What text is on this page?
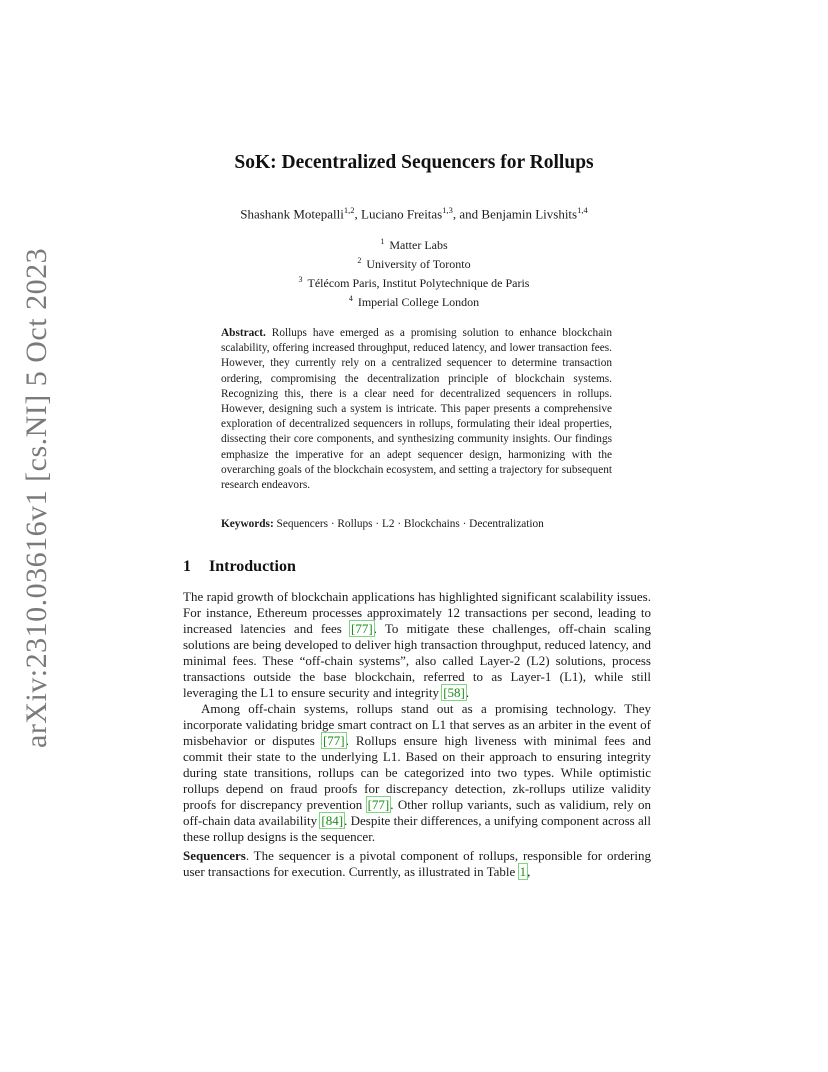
arXiv:2310.03616v1 [cs.NI] 5 Oct 2023
SoK: Decentralized Sequencers for Rollups
Shashank Motepalli$^{1,2}$, Luciano Freitas$^{1,3}$, and Benjamin Livshits$^{1,4}$
$^1$ Matter Labs
$^2$ University of Toronto
$^3$ Télécom Paris, Institut Polytechnique de Paris
$^4$ Imperial College London
Abstract. Rollups have emerged as a promising solution to enhance blockchain scalability, offering increased throughput, reduced latency, and lower transaction fees. However, they currently rely on a centralized sequencer to determine transaction ordering, compromising the decentralization principle of blockchain systems. Recognizing this, there is a clear need for decentralized sequencers in rollups. However, designing such a system is intricate. This paper presents a comprehensive exploration of decentralized sequencers in rollups, formulating their ideal properties, dissecting their core components, and synthesizing community insights. Our findings emphasize the imperative for an adept sequencer design, harmonizing with the overarching goals of the blockchain ecosystem, and setting a trajectory for subsequent research endeavors.
Keywords: Sequencers · Rollups · L2 · Blockchains · Decentralization
1 Introduction

The rapid growth of blockchain applications has highlighted significant scalability issues. For instance, Ethereum processes approximately 12 transactions per second, leading to increased latencies and fees [77]. To mitigate these challenges, off-chain scaling solutions are being developed to deliver high transaction throughput, reduced latency, and minimal fees. These “off-chain systems”, also called Layer-2 (L2) solutions, process transactions outside the base blockchain, referred to as Layer-1 (L1), while still leveraging the L1 to ensure security and integrity [58].

Among off-chain systems, rollups stand out as a promising technology. They incorporate validating bridge smart contract on L1 that serves as an arbiter in the event of misbehavior or disputes [77]. Rollups ensure high liveness with minimal fees and commit their state to the underlying L1. Based on their approach to ensuring integrity during state transitions, rollups can be categorized into two types. While optimistic rollups depend on fraud proofs for discrepancy detection, zk-rollups utilize validity proofs for discrepancy prevention [77]. Other rollup variants, such as validium, rely on off-chain data availability [84]. Despite their differences, a unifying component across all these rollup designs is the sequencer.

Sequencers. The sequencer is a pivotal component of rollups, responsible for ordering user transactions for execution. Currently, as illustrated in Table 1,
